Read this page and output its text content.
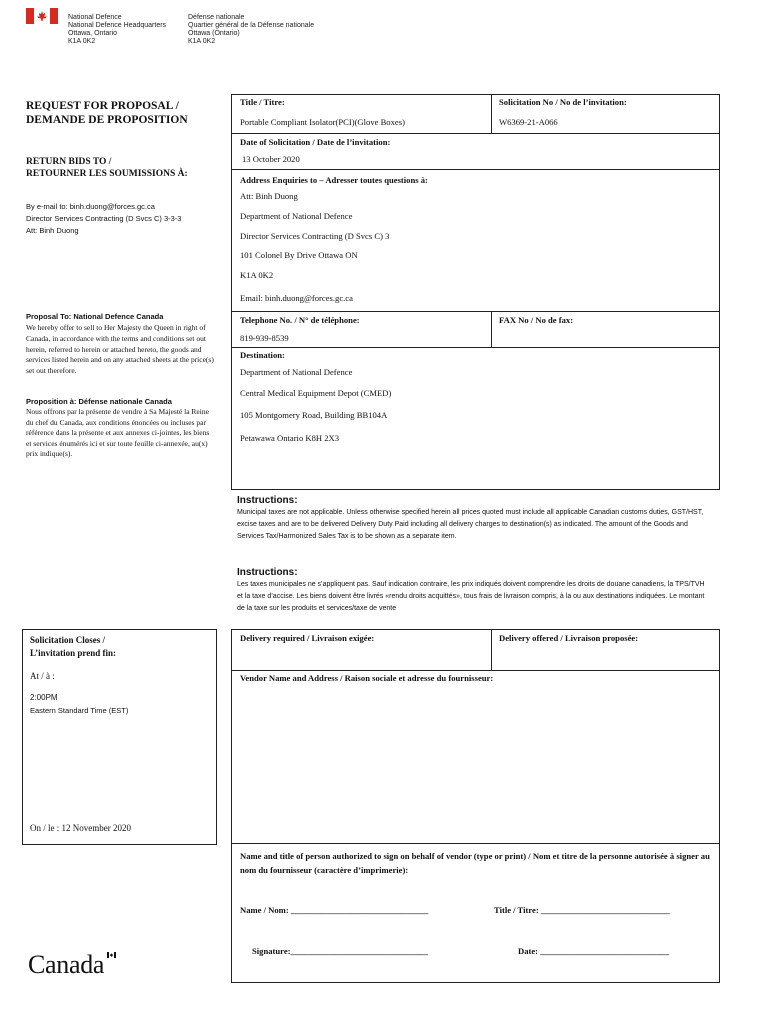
National Defence
National Defence Headquarters
Ottawa, Ontario
K1A 0K2
Défense nationale
Quartier général de la Défense nationale
Ottawa (Ontario)
K1A 0K2
REQUEST FOR PROPOSAL /
DEMANDE DE PROPOSITION
RETURN BIDS TO /
RETOURNER LES SOUMISSIONS À:
By e-mail to: binh.duong@forces.gc.ca
Director Services Contracting (D Svcs C) 3-3-3
Att: Binh Duong
Proposal To: National Defence Canada
We hereby offer to sell to Her Majesty the Queen in right of Canada, in accordance with the terms and conditions set out herein, referred to herein or attached hereto, the goods and services listed herein and on any attached sheets at the price(s) set out therefore.
Proposition à: Défense nationale Canada
Nous offrons par la présente de vendre à Sa Majesté la Reine du chef du Canada, aux conditions énoncées ou incluses par référence dans la présente et aux annexes ci-jointes, les biens et services énumérés ici et sur toute feuille ci-annexée, au(x) prix indique(s).
Title / Titre:
Portable Compliant Isolator(PCI)(Glove Boxes)
Solicitation No / No de l’invitation:
W6369-21-A066
Date of Solicitation / Date de l’invitation:
13 October 2020
Address Enquiries to – Adresser toutes questions à:
Att: Binh Duong
Department of National Defence
Director Services Contracting (D Svcs C) 3
101 Colonel By Drive Ottawa ON
K1A 0K2
Email: binh.duong@forces.gc.ca
Telephone No. / N° de téléphone:
819-939-8539
FAX No / No de fax:
Destination:
Department of National Defence
Central Medical Equipment Depot (CMED)
105 Montgomery Road, Building BB104A
Petawawa Ontario K8H 2X3
Instructions:
Municipal taxes are not applicable. Unless otherwise specified herein all prices quoted must include all applicable Canadian customs duties, GST/HST, excise taxes and are to be delivered Delivery Duty Paid including all delivery charges to destination(s) as indicated. The amount of the Goods and Services Tax/Harmonized Sales Tax is to be shown as a separate item.
Instructions:
Les taxes municipales ne s’appliquent pas. Sauf indication contraire, les prix indiqués doivent comprendre les droits de douane canadiens, la TPS/TVH et la taxe d’accise. Les biens doivent être livrés «rendu droits acquittés», tous frais de livraison compris, à la ou aux destinations indiquées. Le montant de la taxe sur les produits et services/taxe de vente
Solicitation Closes /
L’invitation prend fin:
At / à :
2:00PM
Eastern Standard Time (EST)
On / le : 12 November 2020
Delivery required / Livraison exigée:	Delivery offered / Livraison proposée:
Vendor Name and Address / Raison sociale et adresse du fournisseur:
Name and title of person authorized to sign on behalf of vendor (type or print) / Nom et titre de la personne autorisée à signer au nom du fournisseur (caractère d’imprimerie):
Name / Nom: ________________________________	Title / Titre: ______________________________
Signature:________________________________	Date: ______________________________
Canada
